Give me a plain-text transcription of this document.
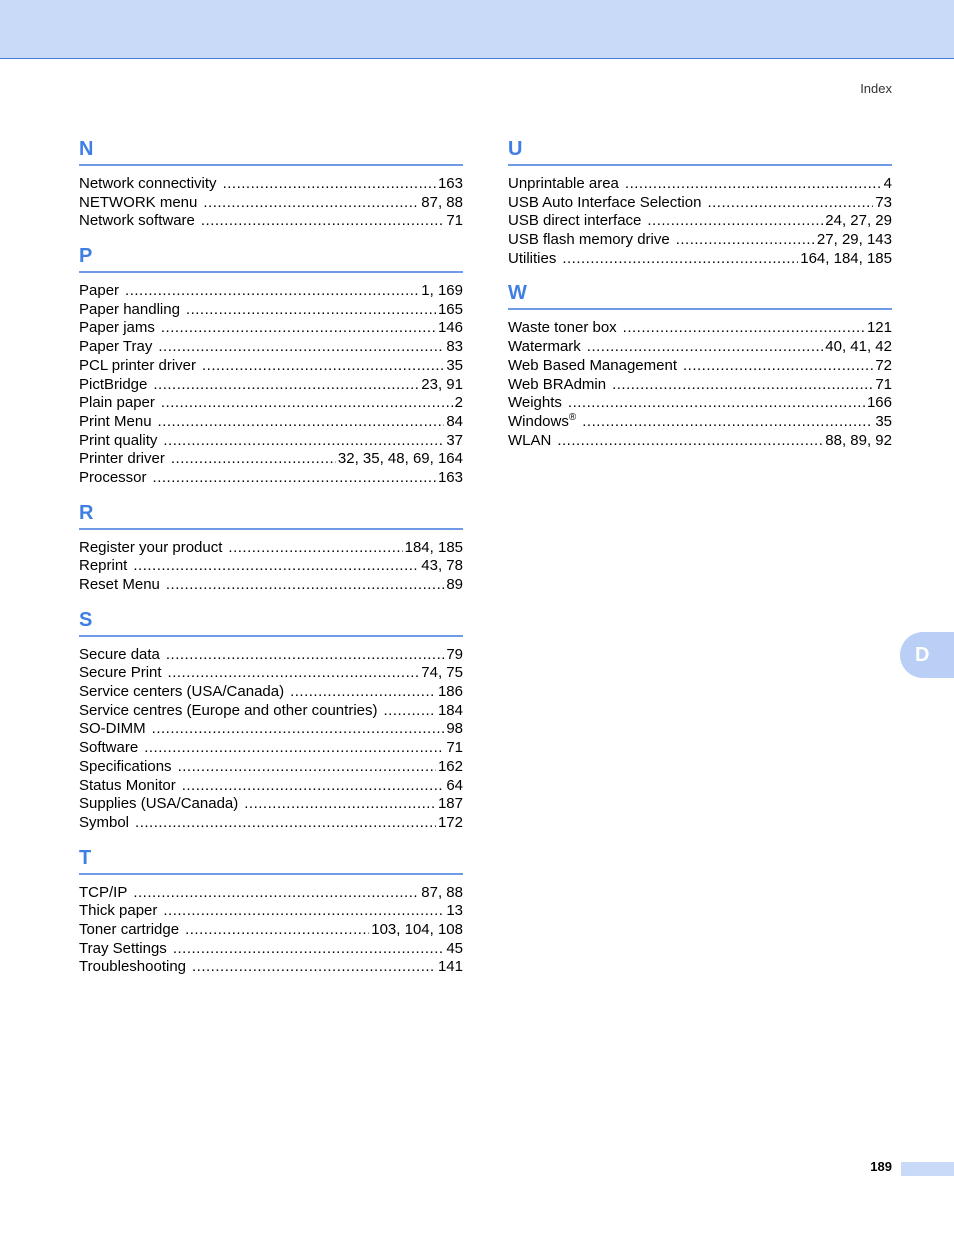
Index
N
Network connectivity .....	163
NETWORK menu .....	87, 88
Network software .....	71
P
Paper .....	1, 169
Paper handling .....	165
Paper jams .....	146
Paper Tray .....	83
PCL printer driver .....	35
PictBridge .....	23, 91
Plain paper .....	2
Print Menu .....	84
Print quality .....	37
Printer driver .....	32, 35, 48, 69, 164
Processor .....	163
R
Register your product .....	184, 185
Reprint .....	43, 78
Reset Menu .....	89
S
Secure data .....	79
Secure Print .....	74, 75
Service centers (USA/Canada) .....	186
Service centres (Europe and other countries) .....	184
SO-DIMM .....	98
Software .....	71
Specifications .....	162
Status Monitor .....	64
Supplies (USA/Canada) .....	187
Symbol .....	172
T
TCP/IP .....	87, 88
Thick paper .....	13
Toner cartridge .....	103, 104, 108
Tray Settings .....	45
Troubleshooting .....	141
U
Unprintable area .....	4
USB Auto Interface Selection .....	73
USB direct interface .....	24, 27, 29
USB flash memory drive .....	27, 29, 143
Utilities .....	164, 184, 185
W
Waste toner box .....	121
Watermark .....	40, 41, 42
Web Based Management .....	72
Web BRAdmin .....	71
Weights .....	166
Windows® .....	35
WLAN .....	88, 89, 92
D
189
